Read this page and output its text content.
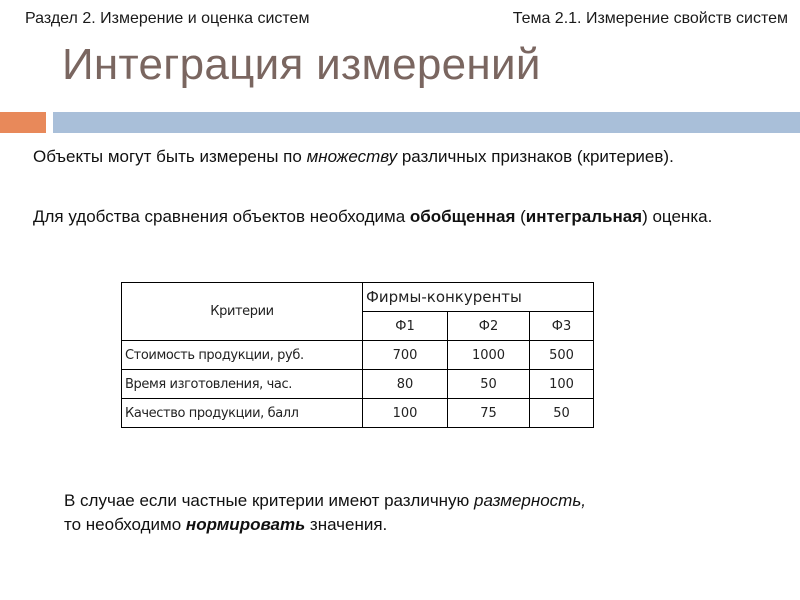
Раздел 2. Измерение и оценка систем	Тема 2.1. Измерение свойств систем
Интеграция измерений
Объекты могут быть измерены по множеству различных признаков (критериев).
Для удобства сравнения объектов необходима обобщенная (интегральная) оценка.
Критерии	Фирмы-конкуренты		
	Ф1	Ф2	Ф3
Стоимость продукции, руб.	700	1000	500
Время изготовления, час.	80	50	100
Качество продукции, балл	100	75	50
В случае если частные критерии имеют различную размерность,
то необходимо нормировать значения.
